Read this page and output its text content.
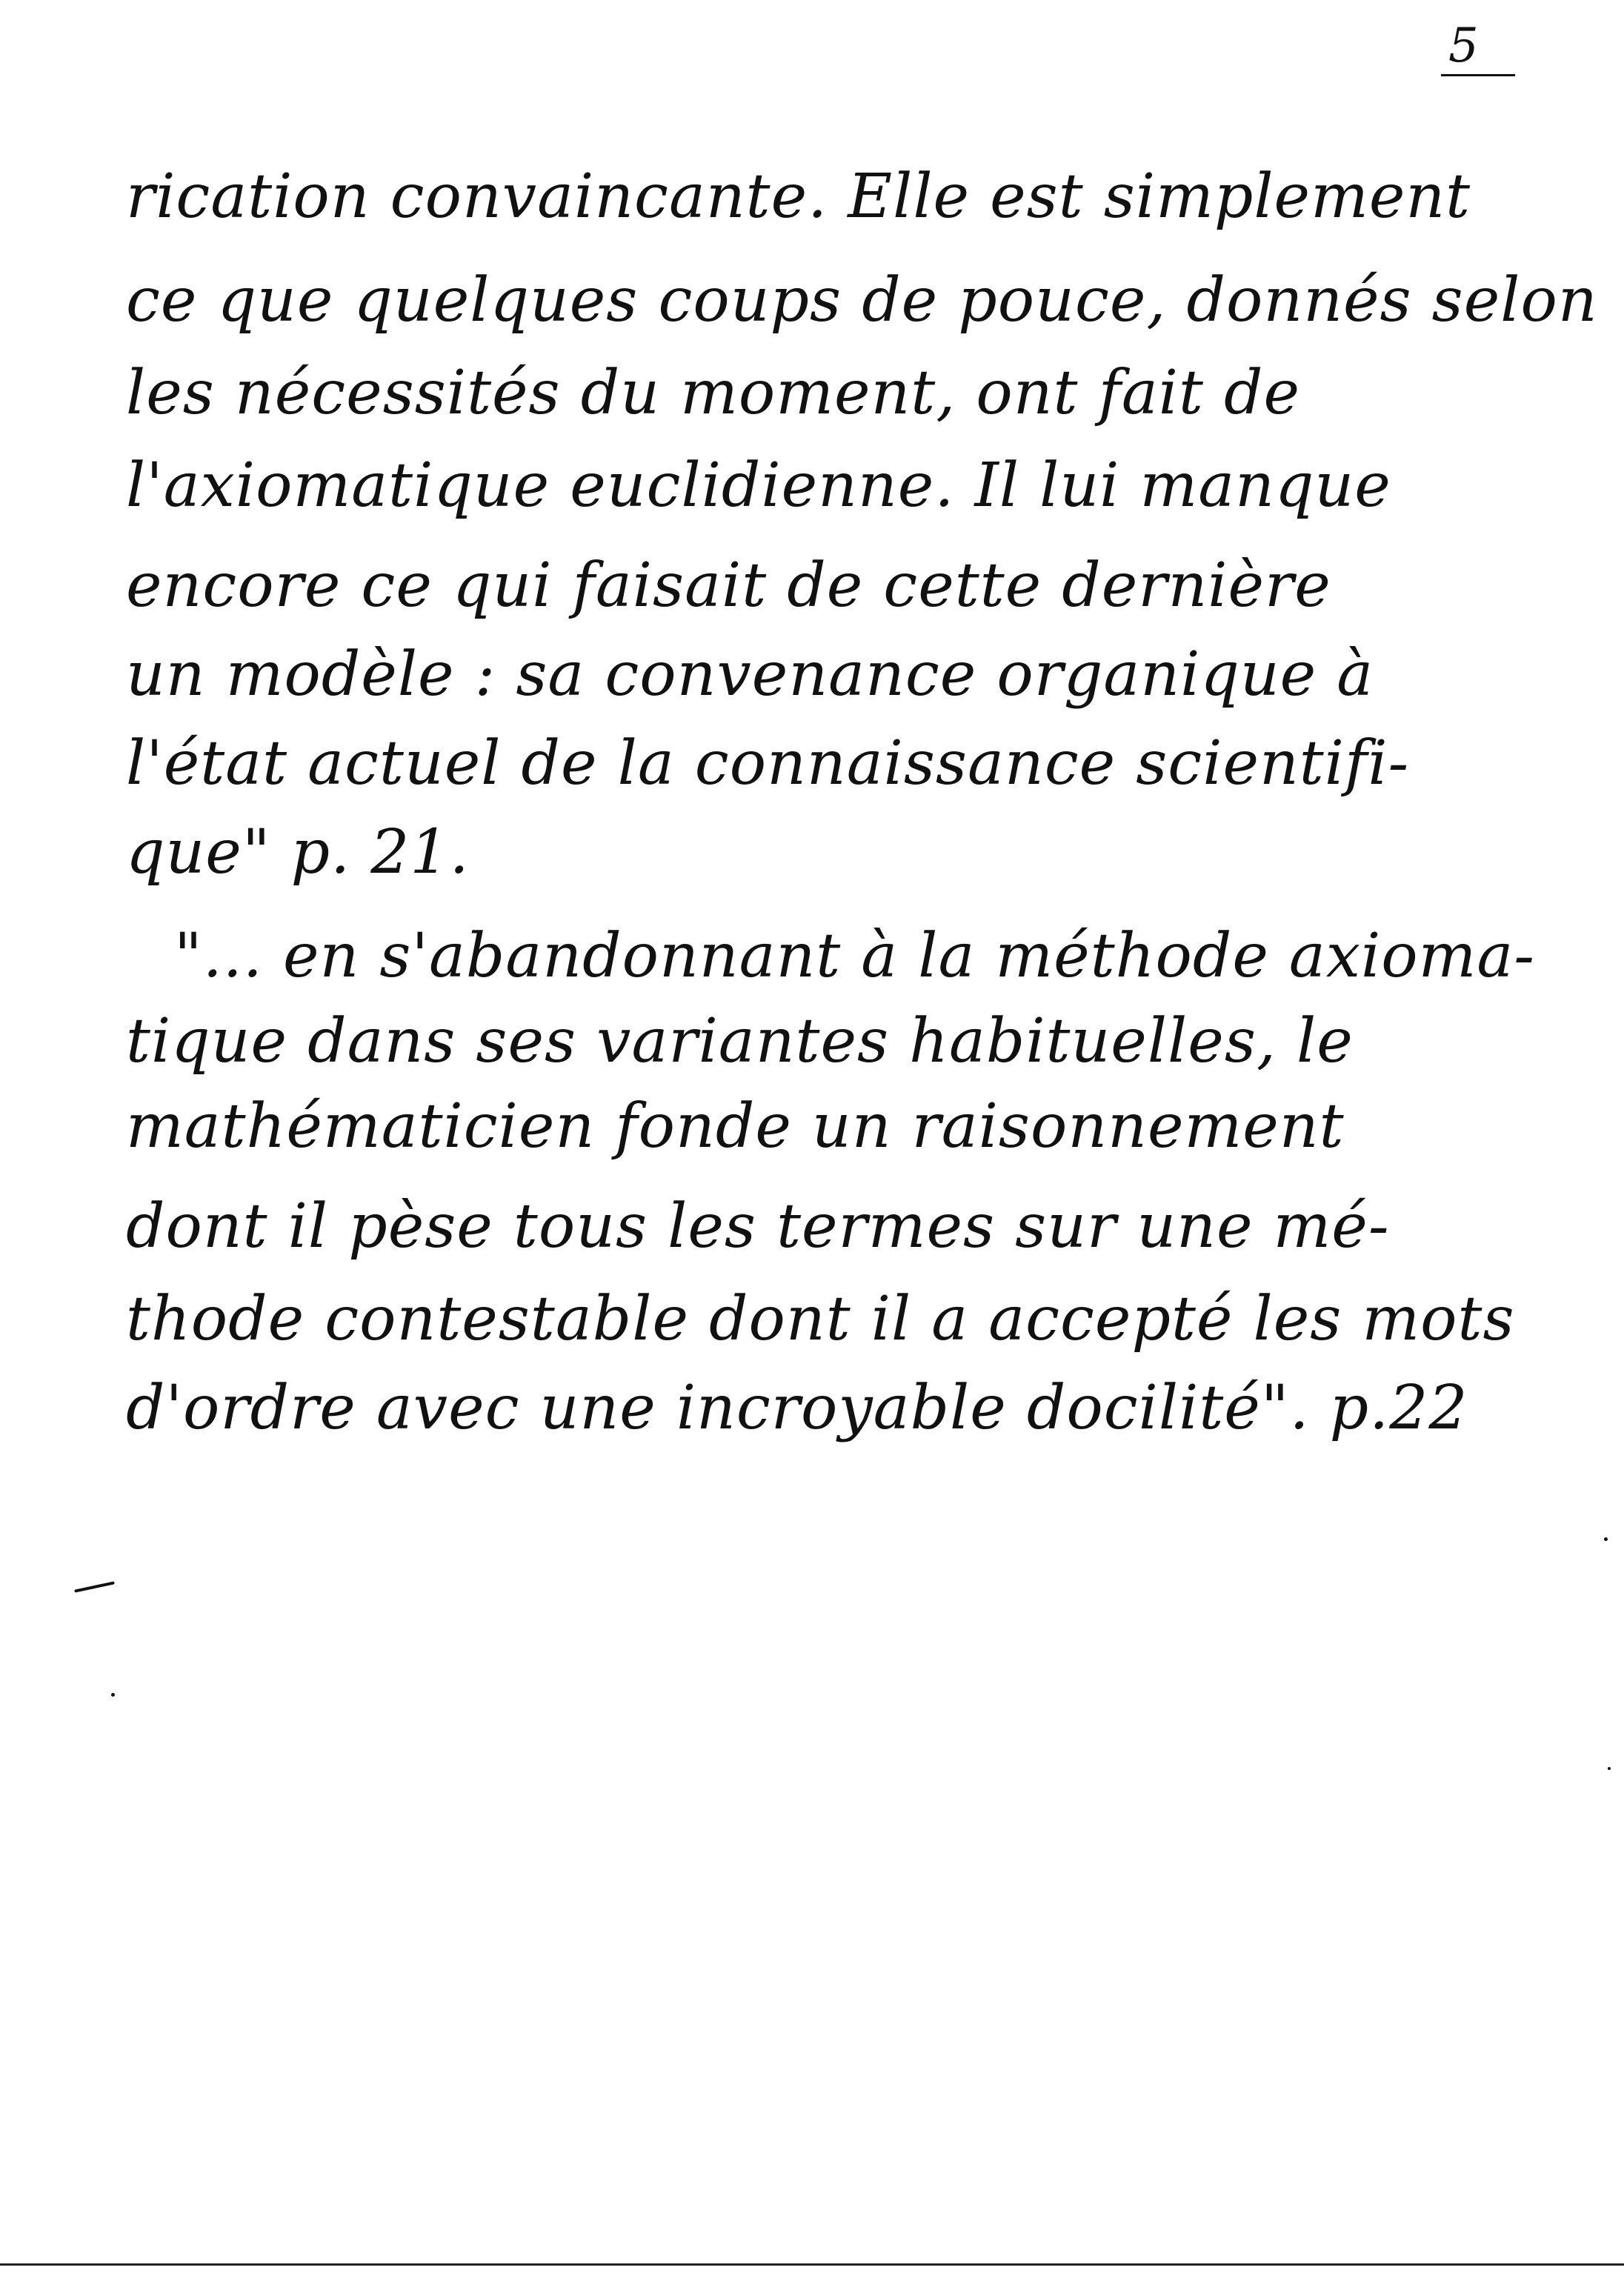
5
rication convaincante. Elle est simplement
ce que quelques coups de pouce, donnés selon
les nécessités du moment, ont fait de
l'axiomatique euclidienne. Il lui manque
encore ce qui faisait de cette dernière
un modèle : sa convenance organique à
l'état actuel de la connaissance scientifi-
que" p. 21.
"... en s'abandonnant à la méthode axioma-
tique dans ses variantes habituelles, le
mathématicien fonde un raisonnement
dont il pèse tous les termes sur une mé-
thode contestable dont il a accepté les mots
d'ordre avec une incroyable docilité". p.22
